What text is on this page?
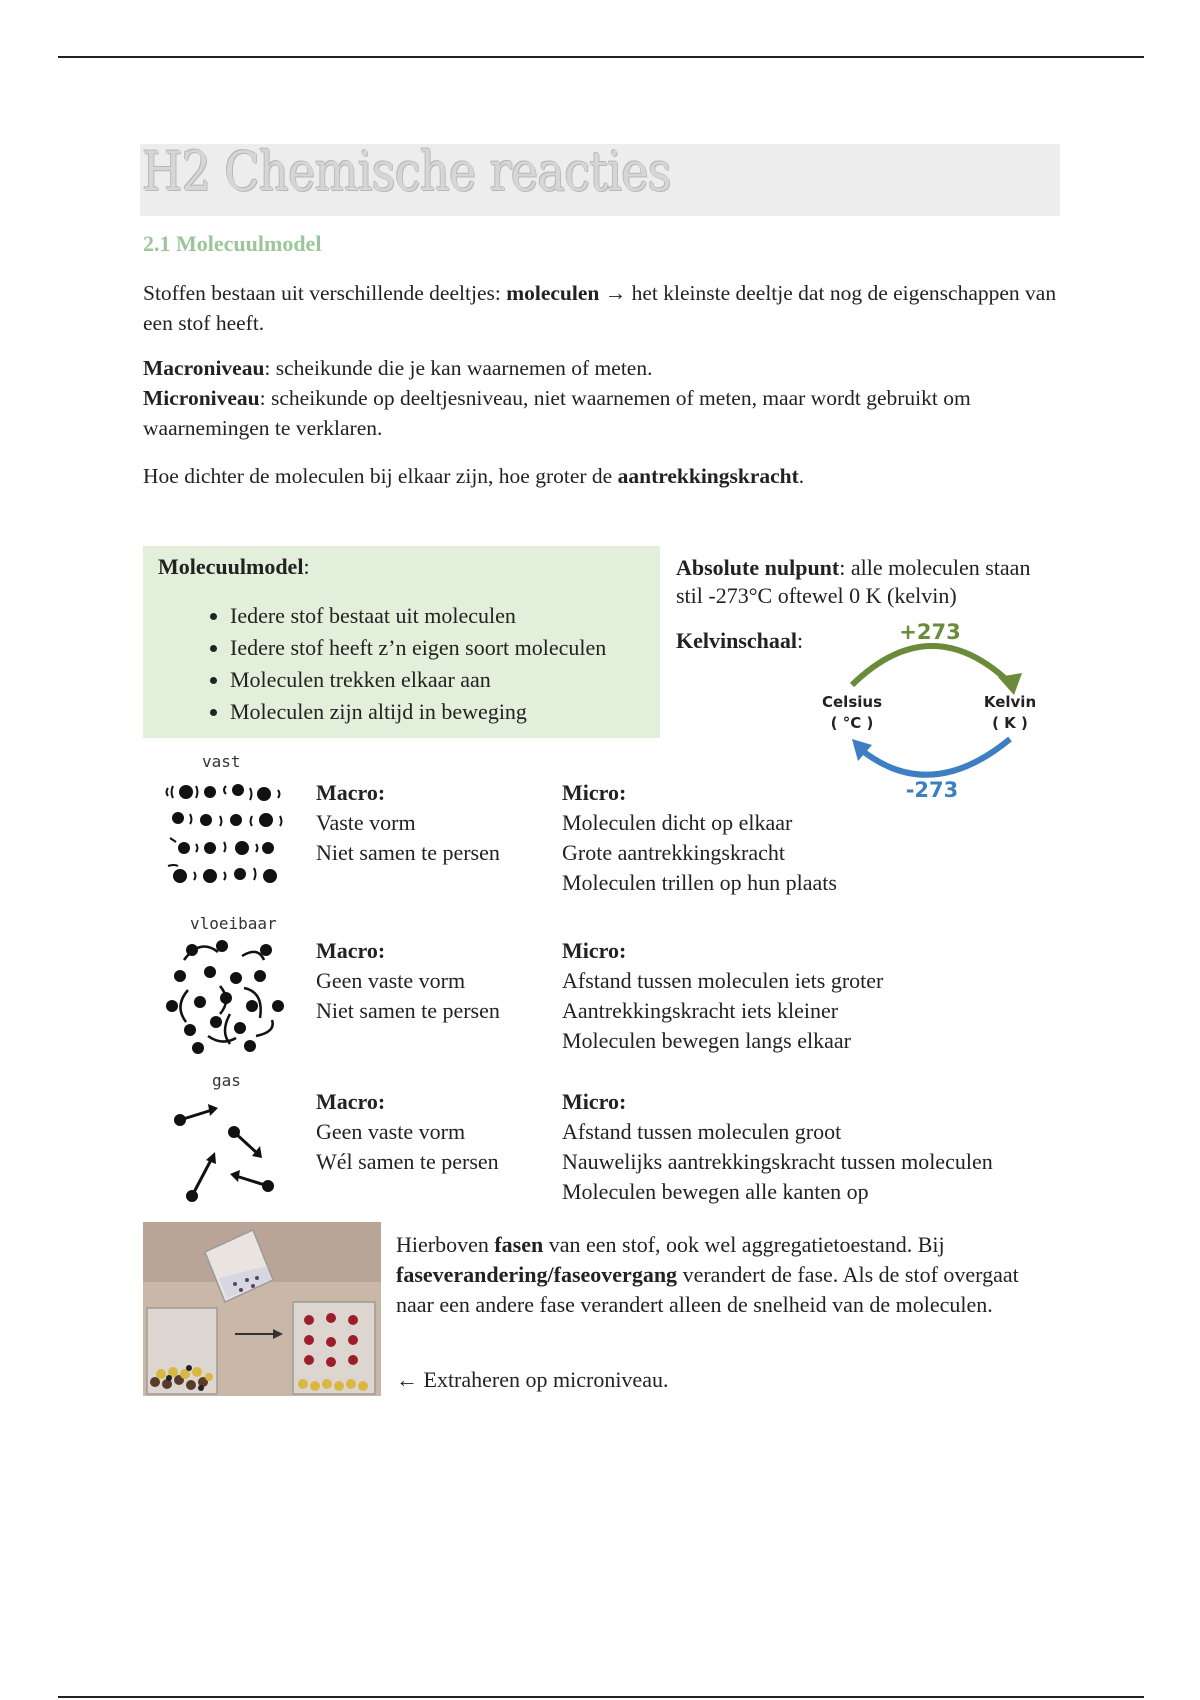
H2 Chemische reacties
2.1 Molecuulmodel
Stoffen bestaan uit verschillende deeltjes: moleculen → het kleinste deeltje dat nog de eigenschappen van een stof heeft.
Macroniveau: scheikunde die je kan waarnemen of meten.
Microniveau: scheikunde op deeltjesniveau, niet waarnemen of meten, maar wordt gebruikt om waarnemingen te verklaren.
Hoe dichter de moleculen bij elkaar zijn, hoe groter de aantrekkingskracht.
Molecuulmodel:
• Iedere stof bestaat uit moleculen
• Iedere stof heeft z’n eigen soort moleculen
• Moleculen trekken elkaar aan
• Moleculen zijn altijd in beweging
Absolute nulpunt: alle moleculen staan stil -273°C oftewel 0 K (kelvin)
Kelvinschaal:	+273
Celsius
( °C )
Kelvin
( K )
-273
vast
Macro:
Vaste vorm
Niet samen te persen
Micro:
Moleculen dicht op elkaar
Grote aantrekkingskracht
Moleculen trillen op hun plaats
vloeibaar
Macro:
Geen vaste vorm
Niet samen te persen
Micro:
Afstand tussen moleculen iets groter
Aantrekkingskracht iets kleiner
Moleculen bewegen langs elkaar
gas
Macro:
Geen vaste vorm
Wél samen te persen
Micro:
Afstand tussen moleculen groot
Nauwelijks aantrekkingskracht tussen moleculen
Moleculen bewegen alle kanten op
Hierboven fasen van een stof, ook wel aggregatietoestand. Bij faseverandering/faseovergang verandert de fase. Als de stof overgaat naar een andere fase verandert alleen de snelheid van de moleculen.
← Extraheren op microniveau.
